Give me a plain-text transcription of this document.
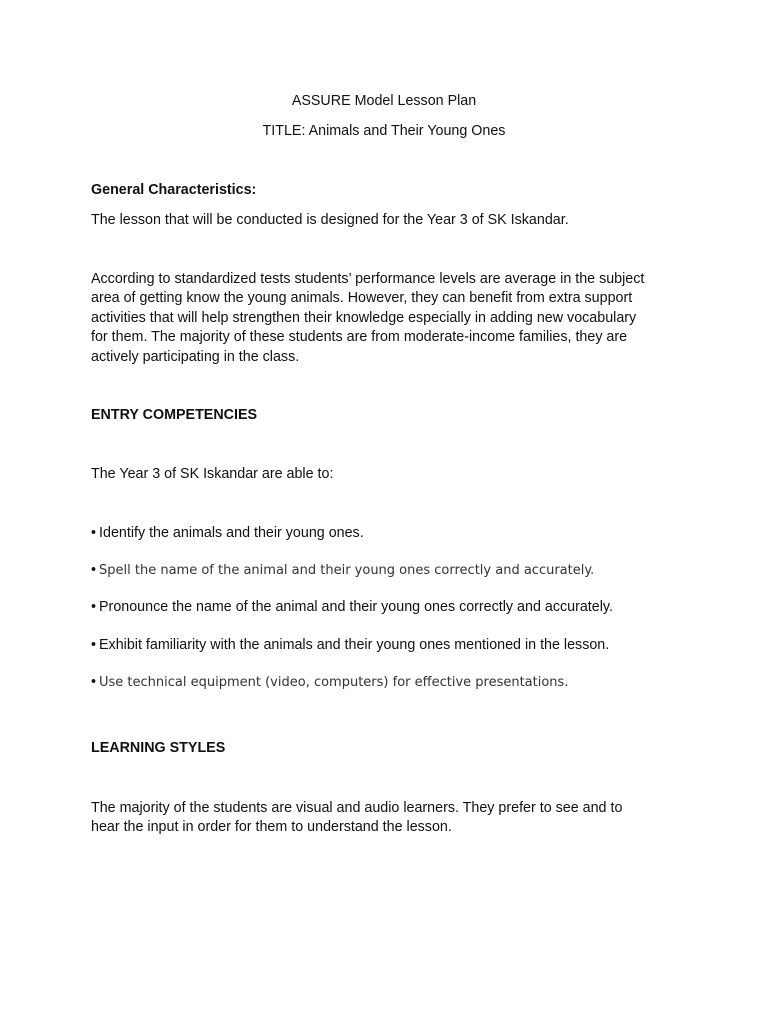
ASSURE Model Lesson Plan

TITLE: Animals and Their Young Ones

General Characteristics:

The lesson that will be conducted is designed for the Year 3 of SK Iskandar.

According to standardized tests students’ performance levels are average in the subject
area of getting know the young animals. However, they can benefit from extra support
activities that will help strengthen their knowledge especially in adding new vocabulary
for them. The majority of these students are from moderate-income families, they are
actively participating in the class.

ENTRY COMPETENCIES

The Year 3 of SK Iskandar are able to:

• Identify the animals and their young ones.

• Spell the name of the animal and their young ones correctly and accurately.

• Pronounce the name of the animal and their young ones correctly and accurately.

• Exhibit familiarity with the animals and their young ones mentioned in the lesson.

• Use technical equipment (video, computers) for effective presentations.

LEARNING STYLES

The majority of the students are visual and audio learners. They prefer to see and to
hear the input in order for them to understand the lesson.
